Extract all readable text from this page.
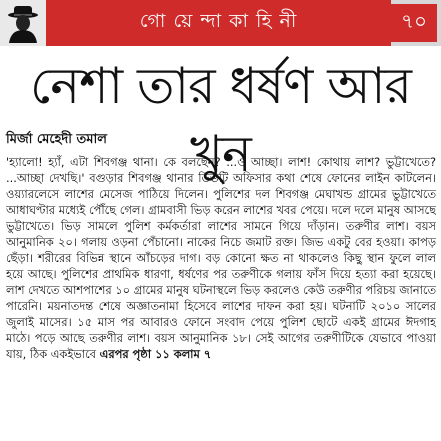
গো য়ে ন্দা কা হি নী	৭০
নেশা তার ধর্ষণ আর খুন
মির্জা মেহেদী তমাল
'হ্যালো! হ্যাঁ, এটা শিবগঞ্জ থানা। কে বলছেন? ...ও আচ্ছা। লাশ! কোথায় লাশ? ভুট্টাখেতে? ...আচ্ছা দেখছি।' বগুড়ার শিবগঞ্জ থানার ডিউটি অফিসার কথা শেষে ফোনের লাইন কাটলেন। ওয়্যারলেসে লাশের মেসেজ পাঠিয়ে দিলেন। পুলিশের দল শিবগঞ্জ মেঘাখন্ড গ্রামের ভুট্টাখেতে আধাঘণ্টার মধ্যেই পৌঁছে গেল। গ্রামবাসী ভিড় করেন লাশের খবর পেয়ে। দলে দলে মানুষ আসছে ভুট্টাখেতে। ভিড় সামলে পুলিশ কর্মকর্তারা লাশের সামনে গিয়ে দাঁড়ান। তরুণীর লাশ। বয়স আনুমানিক ২০। গলায় ওড়না পেঁচানো। নাকের নিচে জমাট রক্ত। জিভ একটু বের হওয়া। কাপড় ছেঁড়া। শরীরের বিভিন্ন স্থানে আঁচড়ের দাগ। বড় কোনো ক্ষত না থাকলেও কিছু স্থান ফুলে লাল হয়ে আছে। পুলিশের প্রাথমিক ধারণা, ধর্ষণের পর তরুণীকে গলায় ফাঁস দিয়ে হত্যা করা হয়েছে। লাশ দেখতে আশপাশের ১০ গ্রামের মানুষ ঘটনাস্থলে ভিড় করলেও কেউ তরুণীর পরিচয় জানাতে পারেনি। ময়নাতদন্ত শেষে অজ্ঞাতনামা হিসেবে লাশের দাফন করা হয়। ঘটনাটি ২০১০ সালের জুলাই মাসের। ১৫ মাস পর আবারও ফোনে সংবাদ পেয়ে পুলিশ ছোটে একই গ্রামের ঈদগাহ মাঠে। পড়ে আছে তরুণীর লাশ। বয়স আনুমানিক ১৮। সেই আগের তরুণীটিকে যেভাবে পাওয়া যায়, ঠিক একইভাবে এরপর পৃষ্ঠা ১১ কলাম ৭
